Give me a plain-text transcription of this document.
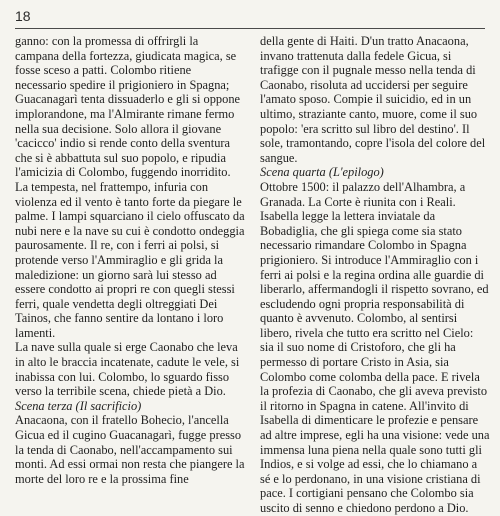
18

ganno: con la promessa di offrirgli la campana della fortezza, giudicata magica, se fosse sceso a patti. Colombo ritiene necessario spedire il prigioniero in Spagna; Guacanagarì tenta dissuaderlo e gli si oppone implorandone, ma l'Almirante rimane fermo nella sua decisione. Solo allora il giovane 'cacicco' indio si rende conto della sventura che si è abbattuta sul suo popolo, e ripudia l'amicizia di Colombo, fuggendo inorridito.

La tempesta, nel frattempo, infuria con violenza ed il vento è tanto forte da piegare le palme. I lampi squarciano il cielo offuscato da nubi nere e la nave su cui è condotto ondeggia paurosamente. Il re, con i ferri ai polsi, si protende verso l'Ammiraglio e gli grida la maledizione: un giorno sarà lui stesso ad essere condotto ai propri re con quegli stessi ferri, quale vendetta degli oltreggiati Dei Tainos, che fanno sentire da lontano i loro lamenti.

La nave sulla quale si erge Caonabo che leva in alto le braccia incatenate, cadute le vele, si inabissa con lui. Colombo, lo sguardo fisso verso la terribile scena, chiede pietà a Dio.

Scena terza (Il sacrificio)

Anacaona, con il fratello Bohecio, l'ancella Gicua ed il cugino Guacanagarì, fugge presso la tenda di Caonabo, nell'accampamento sui monti. Ad essi ormai non resta che piangere la morte del loro re e la prossima fine

della gente di Haiti. D'un tratto Anacaona, invano trattenuta dalla fedele Gicua, si trafigge con il pugnale messo nella tenda di Caonabo, risoluta ad uccidersi per seguire l'amato sposo. Compie il suicidio, ed in un ultimo, straziante canto, muore, come il suo popolo: 'era scritto sul libro del destino'. Il sole, tramontando, copre l'isola del colore del sangue.

Scena quarta (L'epilogo)

Ottobre 1500: il palazzo dell'Alhambra, a Granada. La Corte è riunita con i Reali. Isabella legge la lettera inviatale da Bobadiglia, che gli spiega come sia stato necessario rimandare Colombo in Spagna prigioniero. Si introduce l'Ammiraglio con i ferri ai polsi e la regina ordina alle guardie di liberarlo, affermandogli il rispetto sovrano, ed escludendo ogni propria responsabilità di quanto è avvenuto. Colombo, al sentirsi libero, rivela che tutto era scritto nel Cielo: sia il suo nome di Cristoforo, che gli ha permesso di portare Cristo in Asia, sia Colombo come colomba della pace. E rivela la profezia di Caonabo, che gli aveva previsto il ritorno in Spagna in catene. All'invito di Isabella di dimenticare le profezie e pensare ad altre imprese, egli ha una visione: vede una immensa luna piena nella quale sono tutti gli Indios, e si volge ad essi, che lo chiamano a sé e lo perdonano, in una visione cristiana di pace. I cortigiani pensano che Colombo sia uscito di senno e chiedono perdono a Dio.
